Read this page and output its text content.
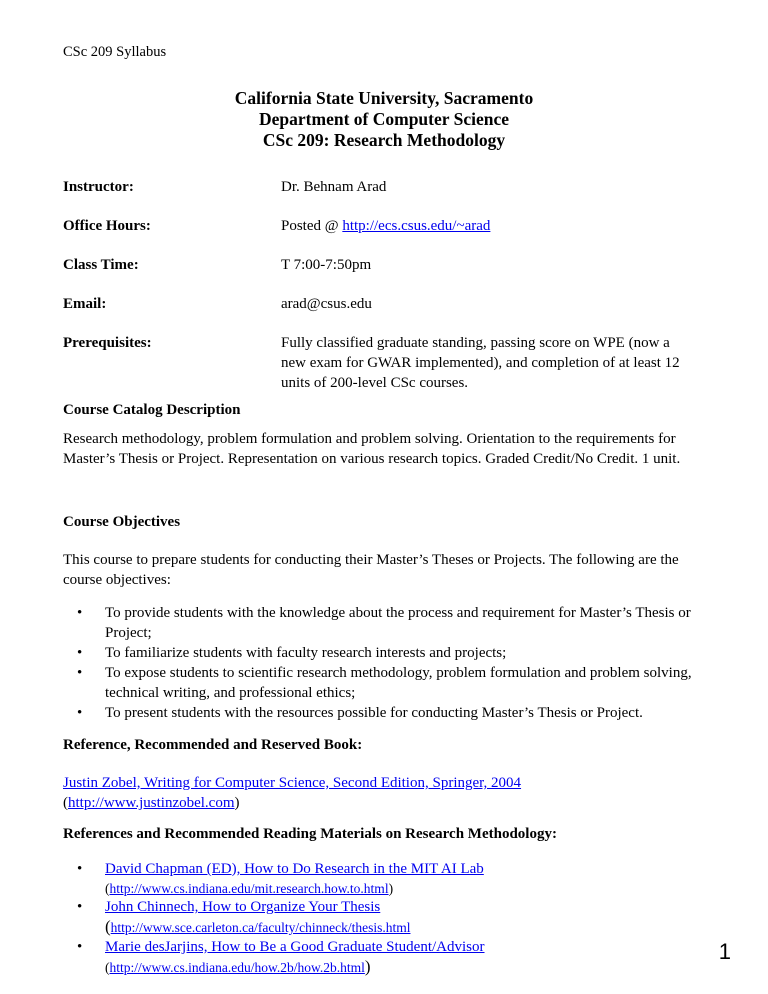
CSc 209 Syllabus
California State University, Sacramento
Department of Computer Science
CSc 209: Research Methodology
Instructor:	Dr. Behnam Arad
Office Hours:	Posted @ http://ecs.csus.edu/~arad
Class Time:	T 7:00-7:50pm
Email:	arad@csus.edu
Prerequisites:	Fully classified graduate standing, passing score on WPE (now a new exam for GWAR implemented), and completion of at least 12 units of 200-level CSc courses.
Course Catalog Description
Research methodology, problem formulation and problem solving. Orientation to the requirements for Master’s Thesis or Project. Representation on various research topics. Graded Credit/No Credit. 1 unit.
Course Objectives
This course to prepare students for conducting their Master’s Theses or Projects. The following are the course objectives:
• To provide students with the knowledge about the process and requirement for Master’s Thesis or Project;
• To familiarize students with faculty research interests and projects;
• To expose students to scientific research methodology, problem formulation and problem solving, technical writing, and professional ethics;
• To present students with the resources possible for conducting Master’s Thesis or Project.
Reference, Recommended and Reserved Book:
Justin Zobel, Writing for Computer Science, Second Edition, Springer, 2004
(http://www.justinzobel.com)
References and Recommended Reading Materials on Research Methodology:
• David Chapman (ED), How to Do Research in the MIT AI Lab
(http://www.cs.indiana.edu/mit.research.how.to.html)
• John Chinnech, How to Organize Your Thesis
(http://www.sce.carleton.ca/faculty/chinneck/thesis.html
• Marie desJarjins, How to Be a Good Graduate Student/Advisor
(http://www.cs.indiana.edu/how.2b/how.2b.html)
1
